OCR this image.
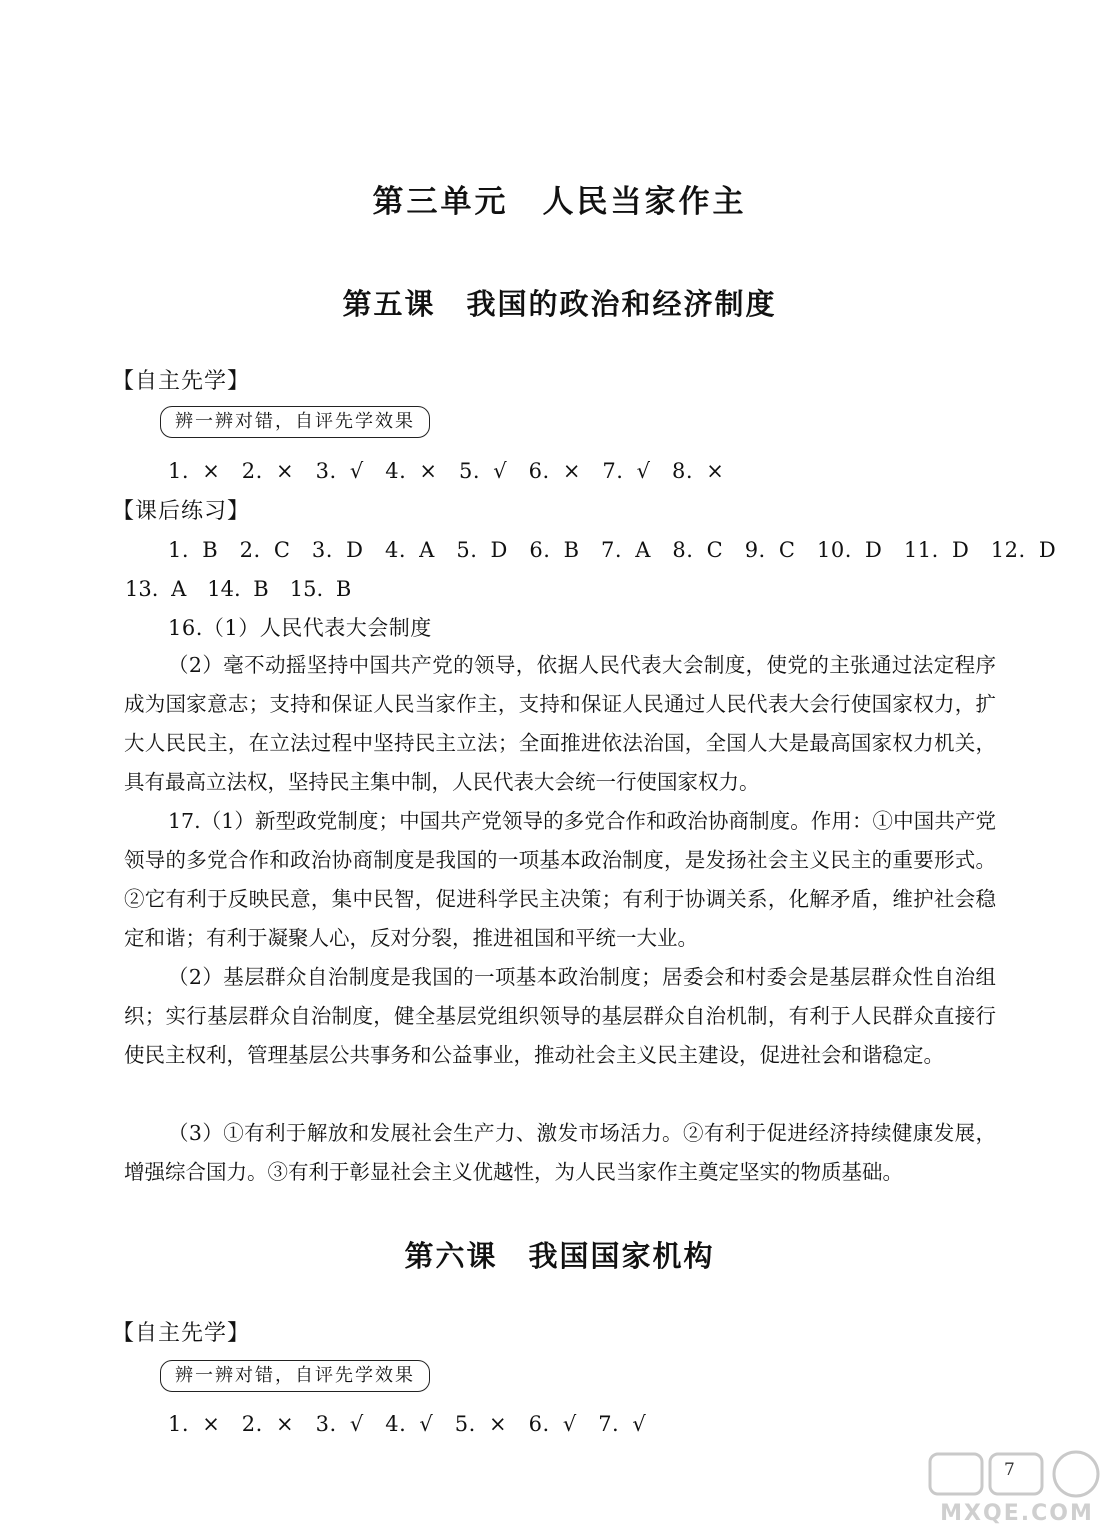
第三单元　人民当家作主
第五课　我国的政治和经济制度
【自主先学】
辨一辨对错，自评先学效果
1. ×　2. ×　3. √　4. ×　5. √　6. ×　7. √　8. ×
【课后练习】
1. B　2. C　3. D　4. A　5. D　6. B　7. A　8. C　9. C　10. D　11. D　12. D
13. A　14. B　15. B
16.（1）人民代表大会制度
（2）毫不动摇坚持中国共产党的领导，依据人民代表大会制度，使党的主张通过法定程序成为国家意志；支持和保证人民当家作主，支持和保证人民通过人民代表大会行使国家权力，扩大人民民主，在立法过程中坚持民主立法；全面推进依法治国，全国人大是最高国家权力机关，具有最高立法权，坚持民主集中制，人民代表大会统一行使国家权力。
17.（1）新型政党制度；中国共产党领导的多党合作和政治协商制度。作用：①中国共产党领导的多党合作和政治协商制度是我国的一项基本政治制度，是发扬社会主义民主的重要形式。②它有利于反映民意，集中民智，促进科学民主决策；有利于协调关系，化解矛盾，维护社会稳定和谐；有利于凝聚人心，反对分裂，推进祖国和平统一大业。
（2）基层群众自治制度是我国的一项基本政治制度；居委会和村委会是基层群众性自治组织；实行基层群众自治制度，健全基层党组织领导的基层群众自治机制，有利于人民群众直接行使民主权利，管理基层公共事务和公益事业，推动社会主义民主建设，促进社会和谐稳定。
（3）①有利于解放和发展社会生产力、激发市场活力。②有利于促进经济持续健康发展，增强综合国力。③有利于彰显社会主义优越性，为人民当家作主奠定坚实的物质基础。
第六课　我国国家机构
【自主先学】
辨一辨对错，自评先学效果
1. ×　2. ×　3. √　4. √　5. ×　6. √　7. √
MXQE.COM
7
